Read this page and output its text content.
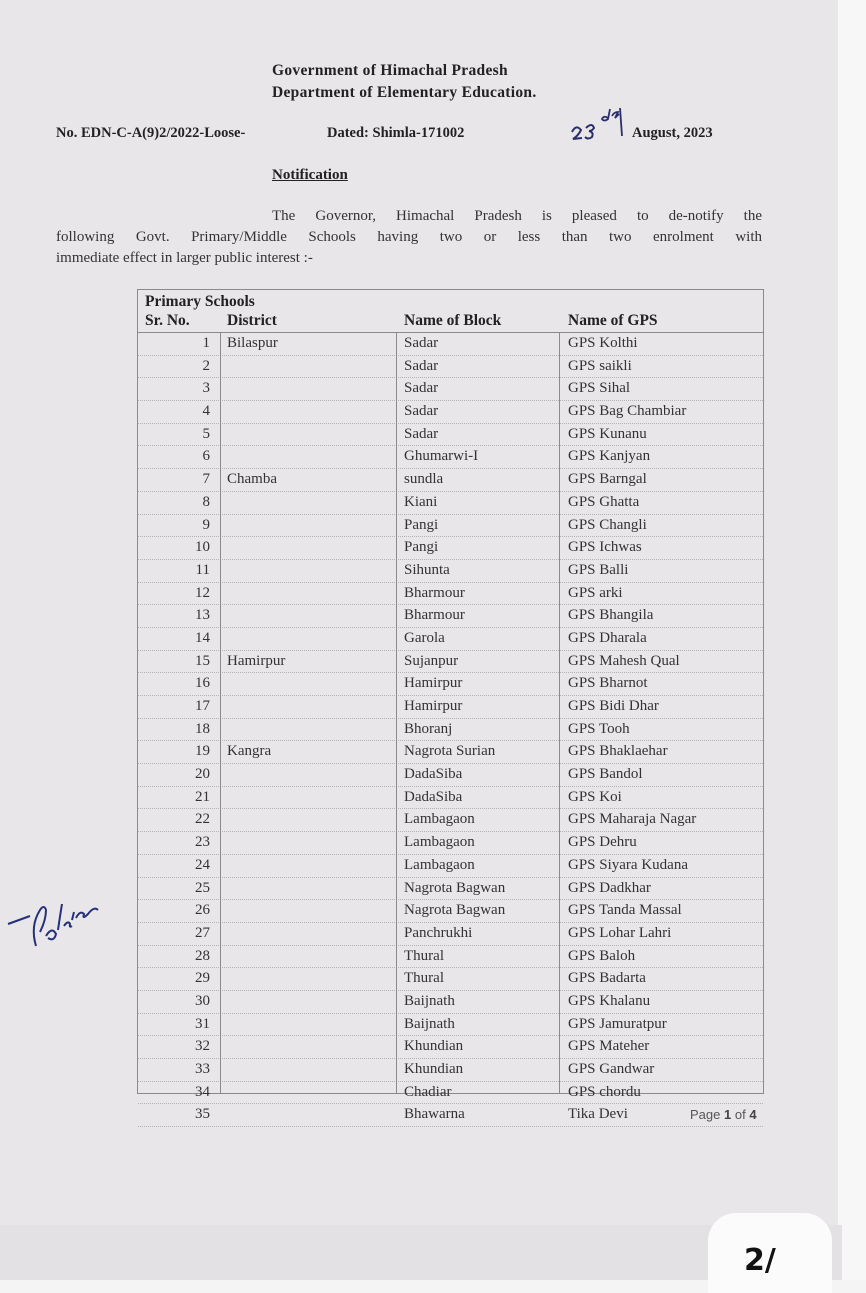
Government of Himachal Pradesh
Department of Elementary Education.
No. EDN-C-A(9)2/2022-Loose-	Dated: Shimla-171002	August, 2023
Notification
The Governor, Himachal Pradesh is pleased to de-notify the
following Govt. Primary/Middle Schools having two or less than two enrolment with
immediate effect in larger public interest :-
Primary Schools
Sr. No. District	Name of Block	Name of GPS
1 Bilaspur	Sadar	GPS Kolthi
2	Sadar	GPS saikli
3	Sadar	GPS Sihal
4	Sadar	GPS Bag Chambiar
5	Sadar	GPS Kunanu
6	Ghumarwi-I	GPS Kanjyan
7 Chamba	sundla	GPS Barngal
8	Kiani	GPS Ghatta
9	Pangi	GPS Changli
10	Pangi	GPS Ichwas
11	Sihunta	GPS Balli
12	Bharmour	GPS arki
13	Bharmour	GPS Bhangila
14	Garola	GPS Dharala
15 Hamirpur	Sujanpur	GPS Mahesh Qual
16	Hamirpur	GPS Bharnot
17	Hamirpur	GPS Bidi Dhar
18	Bhoranj	GPS Tooh
19 Kangra	Nagrota Surian	GPS Bhaklaehar
20	DadaSiba	GPS Bandol
21	DadaSiba	GPS Koi
22	Lambagaon	GPS Maharaja Nagar
23	Lambagaon	GPS Dehru
24	Lambagaon	GPS Siyara Kudana
25	Nagrota Bagwan	GPS Dadkhar
26	Nagrota Bagwan	GPS Tanda Massal
27	Panchrukhi	GPS Lohar Lahri
28	Thural	GPS Baloh
29	Thural	GPS Badarta
30	Baijnath	GPS Khalanu
31	Baijnath	GPS Jamuratpur
32	Khundian	GPS Mateher
33	Khundian	GPS Gandwar
34	Chadiar	GPS chordu
35	Bhawarna	Tika Devi	Page 1 of 4
2/
